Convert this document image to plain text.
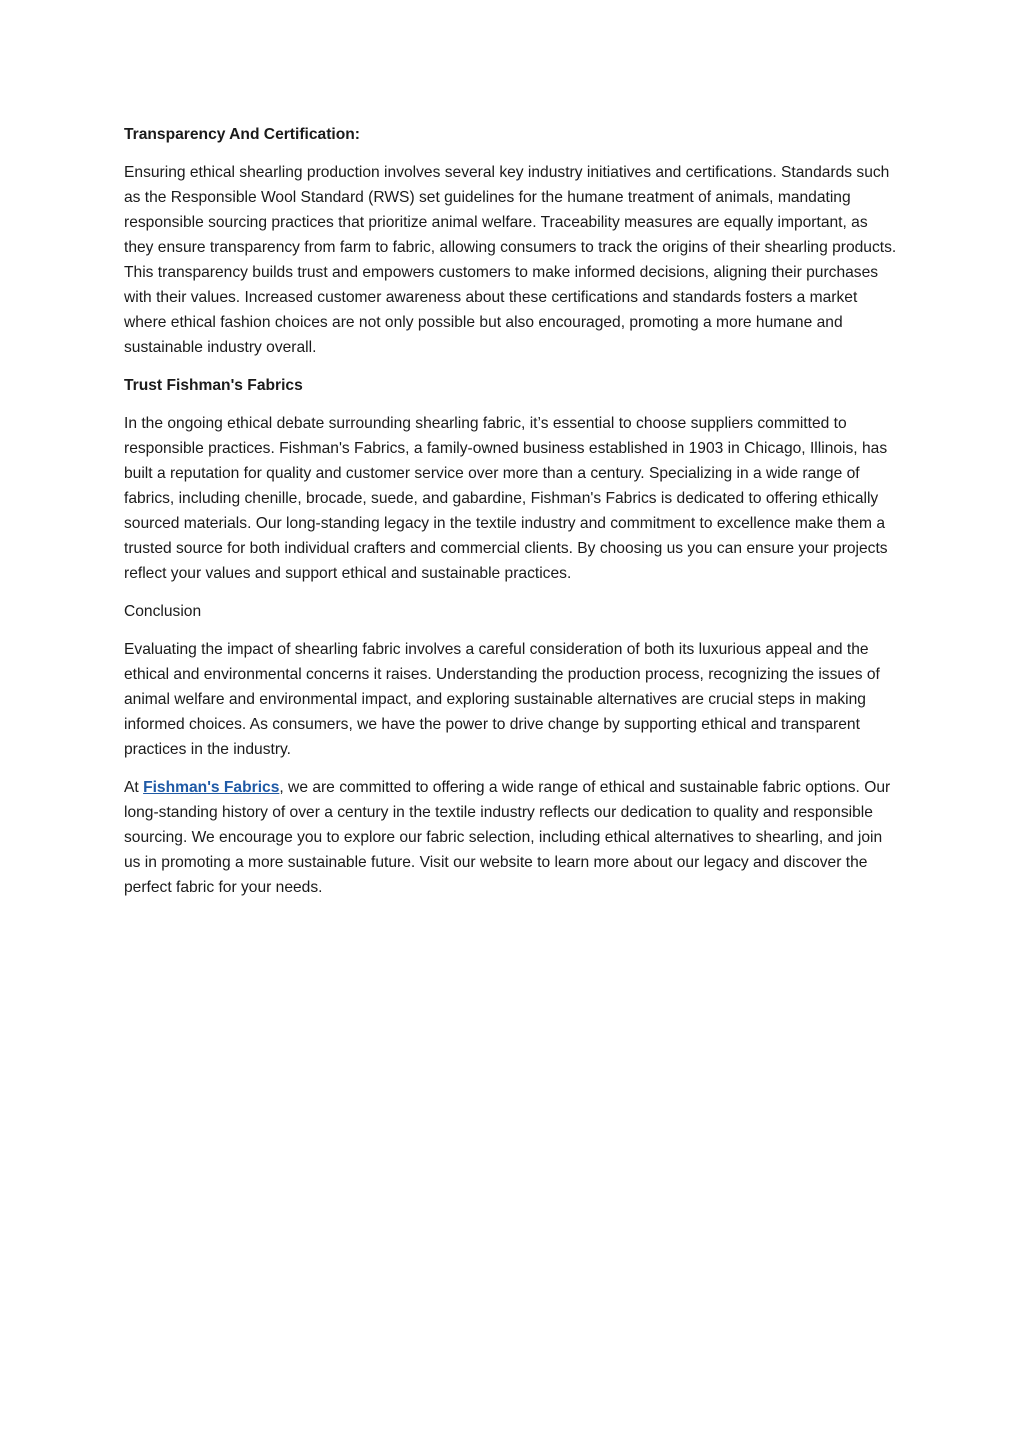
Transparency And Certification:

Ensuring ethical shearling production involves several key industry initiatives and certifications. Standards such as the Responsible Wool Standard (RWS) set guidelines for the humane treatment of animals, mandating responsible sourcing practices that prioritize animal welfare. Traceability measures are equally important, as they ensure transparency from farm to fabric, allowing consumers to track the origins of their shearling products. This transparency builds trust and empowers customers to make informed decisions, aligning their purchases with their values. Increased customer awareness about these certifications and standards fosters a market where ethical fashion choices are not only possible but also encouraged, promoting a more humane and sustainable industry overall.

Trust Fishman's Fabrics

In the ongoing ethical debate surrounding shearling fabric, it’s essential to choose suppliers committed to responsible practices. Fishman's Fabrics, a family-owned business established in 1903 in Chicago, Illinois, has built a reputation for quality and customer service over more than a century. Specializing in a wide range of fabrics, including chenille, brocade, suede, and gabardine, Fishman's Fabrics is dedicated to offering ethically sourced materials. Our long-standing legacy in the textile industry and commitment to excellence make them a trusted source for both individual crafters and commercial clients. By choosing us you can ensure your projects reflect your values and support ethical and sustainable practices.

Conclusion

Evaluating the impact of shearling fabric involves a careful consideration of both its luxurious appeal and the ethical and environmental concerns it raises. Understanding the production process, recognizing the issues of animal welfare and environmental impact, and exploring sustainable alternatives are crucial steps in making informed choices. As consumers, we have the power to drive change by supporting ethical and transparent practices in the industry.

At Fishman's Fabrics, we are committed to offering a wide range of ethical and sustainable fabric options. Our long-standing history of over a century in the textile industry reflects our dedication to quality and responsible sourcing. We encourage you to explore our fabric selection, including ethical alternatives to shearling, and join us in promoting a more sustainable future. Visit our website to learn more about our legacy and discover the perfect fabric for your needs.
